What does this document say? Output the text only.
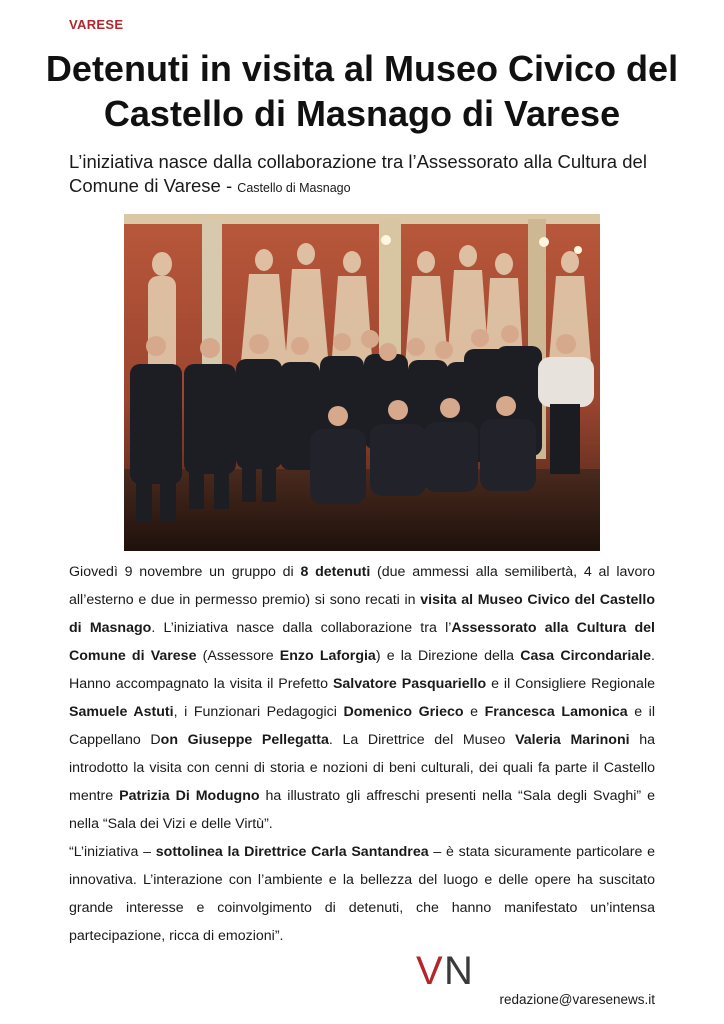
VARESE
Detenuti in visita al Museo Civico del Castello di Masnago di Varese

L’iniziativa nasce dalla collaborazione tra l’Assessorato alla Cultura del Comune di Varese - Castello di Masnago

Giovedì 9 novembre un gruppo di 8 detenuti (due ammessi alla semilibertà, 4 al lavoro all’esterno e due in permesso premio) si sono recati in visita al Museo Civico del Castello di Masnago. L’iniziativa nasce dalla collaborazione tra l’Assessorato alla Cultura del Comune di Varese (Assessore Enzo Laforgia) e la Direzione della Casa Circondariale. Hanno accompagnato la visita il Prefetto Salvatore Pasquariello e il Consigliere Regionale Samuele Astuti, i Funzionari Pedagogici Domenico Grieco e Francesca Lamonica e il Cappellano Don Giuseppe Pellegatta. La Direttrice del Museo Valeria Marinoni ha introdotto la visita con cenni di storia e nozioni di beni culturali, dei quali fa parte il Castello mentre Patrizia Di Modugno ha illustrato gli affreschi presenti nella “Sala degli Svaghi” e nella “Sala dei Vizi e delle Virtù”.
“L’iniziativa – sottolinea la Direttrice Carla Santandrea – è stata sicuramente particolare e innovativa. L’interazione con l’ambiente e la bellezza del luogo e delle opere ha suscitato grande interesse e coinvolgimento di detenuti, che hanno manifestato un’intensa partecipazione, ricca di emozioni”.

V N
redazione@varesenews.it
